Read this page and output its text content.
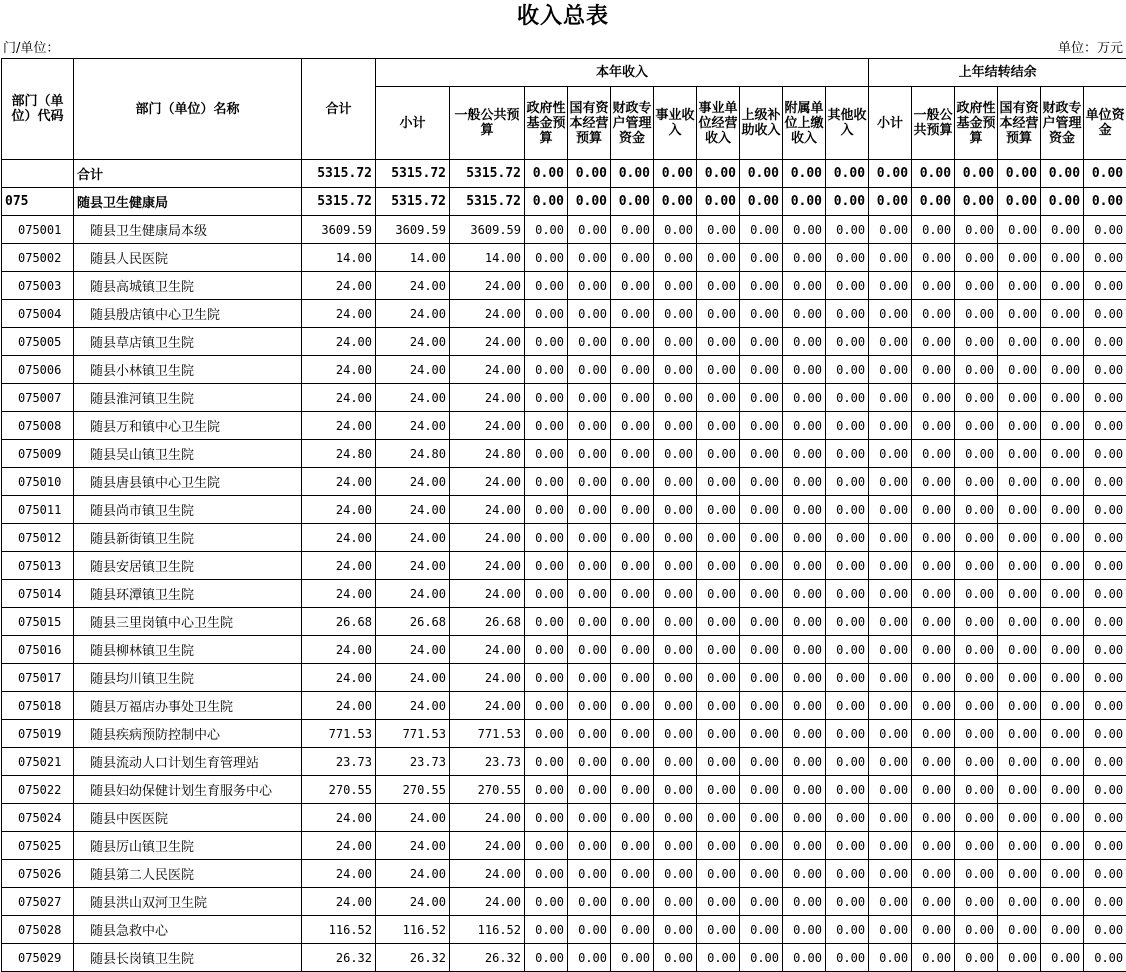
收入总表
门/单位：	单位：万元
部门（单位）代码	部门（单位）名称	合计	本年收入										上年结转结余					
			小计	一般公共预算	政府性基金预算	国有资本经营预算	财政专户管理资金	事业收入	事业单位经营收入	上级补助收入	附属单位上缴收入	其他收入	小计	一般公共预算	政府性基金预算	国有资本经营预算	财政专户管理资金	单位资金
	合计	5315.72	5315.72	5315.72	0.00	0.00	0.00	0.00	0.00	0.00	0.00	0.00	0.00	0.00	0.00	0.00	0.00	0.00
075	随县卫生健康局	5315.72	5315.72	5315.72	0.00	0.00	0.00	0.00	0.00	0.00	0.00	0.00	0.00	0.00	0.00	0.00	0.00	0.00
075001	随县卫生健康局本级	3609.59	3609.59	3609.59	0.00	0.00	0.00	0.00	0.00	0.00	0.00	0.00	0.00	0.00	0.00	0.00	0.00	0.00
075002	随县人民医院	14.00	14.00	14.00	0.00	0.00	0.00	0.00	0.00	0.00	0.00	0.00	0.00	0.00	0.00	0.00	0.00	0.00
075003	随县高城镇卫生院	24.00	24.00	24.00	0.00	0.00	0.00	0.00	0.00	0.00	0.00	0.00	0.00	0.00	0.00	0.00	0.00	0.00
075004	随县殷店镇中心卫生院	24.00	24.00	24.00	0.00	0.00	0.00	0.00	0.00	0.00	0.00	0.00	0.00	0.00	0.00	0.00	0.00	0.00
075005	随县草店镇卫生院	24.00	24.00	24.00	0.00	0.00	0.00	0.00	0.00	0.00	0.00	0.00	0.00	0.00	0.00	0.00	0.00	0.00
075006	随县小林镇卫生院	24.00	24.00	24.00	0.00	0.00	0.00	0.00	0.00	0.00	0.00	0.00	0.00	0.00	0.00	0.00	0.00	0.00
075007	随县淮河镇卫生院	24.00	24.00	24.00	0.00	0.00	0.00	0.00	0.00	0.00	0.00	0.00	0.00	0.00	0.00	0.00	0.00	0.00
075008	随县万和镇中心卫生院	24.00	24.00	24.00	0.00	0.00	0.00	0.00	0.00	0.00	0.00	0.00	0.00	0.00	0.00	0.00	0.00	0.00
075009	随县吴山镇卫生院	24.80	24.80	24.80	0.00	0.00	0.00	0.00	0.00	0.00	0.00	0.00	0.00	0.00	0.00	0.00	0.00	0.00
075010	随县唐县镇中心卫生院	24.00	24.00	24.00	0.00	0.00	0.00	0.00	0.00	0.00	0.00	0.00	0.00	0.00	0.00	0.00	0.00	0.00
075011	随县尚市镇卫生院	24.00	24.00	24.00	0.00	0.00	0.00	0.00	0.00	0.00	0.00	0.00	0.00	0.00	0.00	0.00	0.00	0.00
075012	随县新街镇卫生院	24.00	24.00	24.00	0.00	0.00	0.00	0.00	0.00	0.00	0.00	0.00	0.00	0.00	0.00	0.00	0.00	0.00
075013	随县安居镇卫生院	24.00	24.00	24.00	0.00	0.00	0.00	0.00	0.00	0.00	0.00	0.00	0.00	0.00	0.00	0.00	0.00	0.00
075014	随县环潭镇卫生院	24.00	24.00	24.00	0.00	0.00	0.00	0.00	0.00	0.00	0.00	0.00	0.00	0.00	0.00	0.00	0.00	0.00
075015	随县三里岗镇中心卫生院	26.68	26.68	26.68	0.00	0.00	0.00	0.00	0.00	0.00	0.00	0.00	0.00	0.00	0.00	0.00	0.00	0.00
075016	随县柳林镇卫生院	24.00	24.00	24.00	0.00	0.00	0.00	0.00	0.00	0.00	0.00	0.00	0.00	0.00	0.00	0.00	0.00	0.00
075017	随县均川镇卫生院	24.00	24.00	24.00	0.00	0.00	0.00	0.00	0.00	0.00	0.00	0.00	0.00	0.00	0.00	0.00	0.00	0.00
075018	随县万福店办事处卫生院	24.00	24.00	24.00	0.00	0.00	0.00	0.00	0.00	0.00	0.00	0.00	0.00	0.00	0.00	0.00	0.00	0.00
075019	随县疾病预防控制中心	771.53	771.53	771.53	0.00	0.00	0.00	0.00	0.00	0.00	0.00	0.00	0.00	0.00	0.00	0.00	0.00	0.00
075021	随县流动人口计划生育管理站	23.73	23.73	23.73	0.00	0.00	0.00	0.00	0.00	0.00	0.00	0.00	0.00	0.00	0.00	0.00	0.00	0.00
075022	随县妇幼保健计划生育服务中心	270.55	270.55	270.55	0.00	0.00	0.00	0.00	0.00	0.00	0.00	0.00	0.00	0.00	0.00	0.00	0.00	0.00
075024	随县中医医院	24.00	24.00	24.00	0.00	0.00	0.00	0.00	0.00	0.00	0.00	0.00	0.00	0.00	0.00	0.00	0.00	0.00
075025	随县厉山镇卫生院	24.00	24.00	24.00	0.00	0.00	0.00	0.00	0.00	0.00	0.00	0.00	0.00	0.00	0.00	0.00	0.00	0.00
075026	随县第二人民医院	24.00	24.00	24.00	0.00	0.00	0.00	0.00	0.00	0.00	0.00	0.00	0.00	0.00	0.00	0.00	0.00	0.00
075027	随县洪山双河卫生院	24.00	24.00	24.00	0.00	0.00	0.00	0.00	0.00	0.00	0.00	0.00	0.00	0.00	0.00	0.00	0.00	0.00
075028	随县急救中心	116.52	116.52	116.52	0.00	0.00	0.00	0.00	0.00	0.00	0.00	0.00	0.00	0.00	0.00	0.00	0.00	0.00
075029	随县长岗镇卫生院	26.32	26.32	26.32	0.00	0.00	0.00	0.00	0.00	0.00	0.00	0.00	0.00	0.00	0.00	0.00	0.00	0.00
